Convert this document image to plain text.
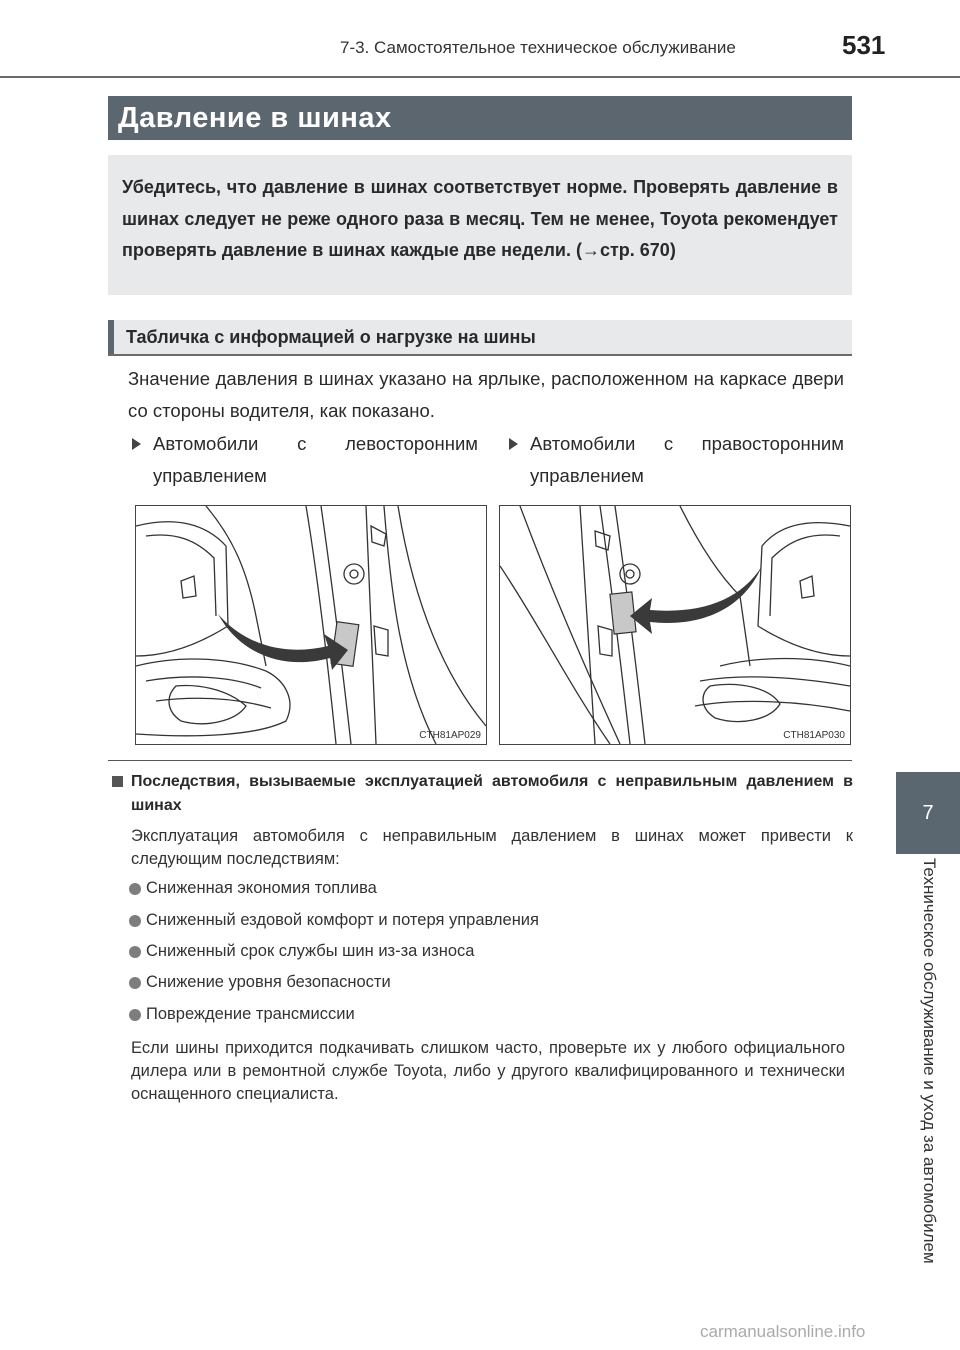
7-3. Самостоятельное техническое обслуживание	531
7
Техническое обслуживание и уход за автомобилем
Давление в шинах

Убедитесь, что давление в шинах соответствует норме. Проверять давление в шинах следует не реже одного раза в месяц. Тем не менее, Toyota рекомендует проверять давление в шинах каждые две недели. (→стр. 670)

Табличка с информацией о нагрузке на шины

Значение давления в шинах указано на ярлыке, расположенном на каркасе двери со стороны водителя, как показано.

Автомобили с левосторонним управлением

Автомобили с правосторонним управлением

CTH81AP029	CTH81AP030

Последствия, вызываемые эксплуатацией автомобиля с неправильным давлением в шинах

Эксплуатация автомобиля с неправильным давлением в шинах может привести к следующим последствиям:

Сниженная экономия топлива
Сниженный ездовой комфорт и потеря управления
Сниженный срок службы шин из-за износа
Снижение уровня безопасности
Повреждение трансмиссии

Если шины приходится подкачивать слишком часто, проверьте их у любого официального дилера или в ремонтной службе Toyota, либо у другого квалифицированного и технически оснащенного специалиста.

carmanualsonline.info
